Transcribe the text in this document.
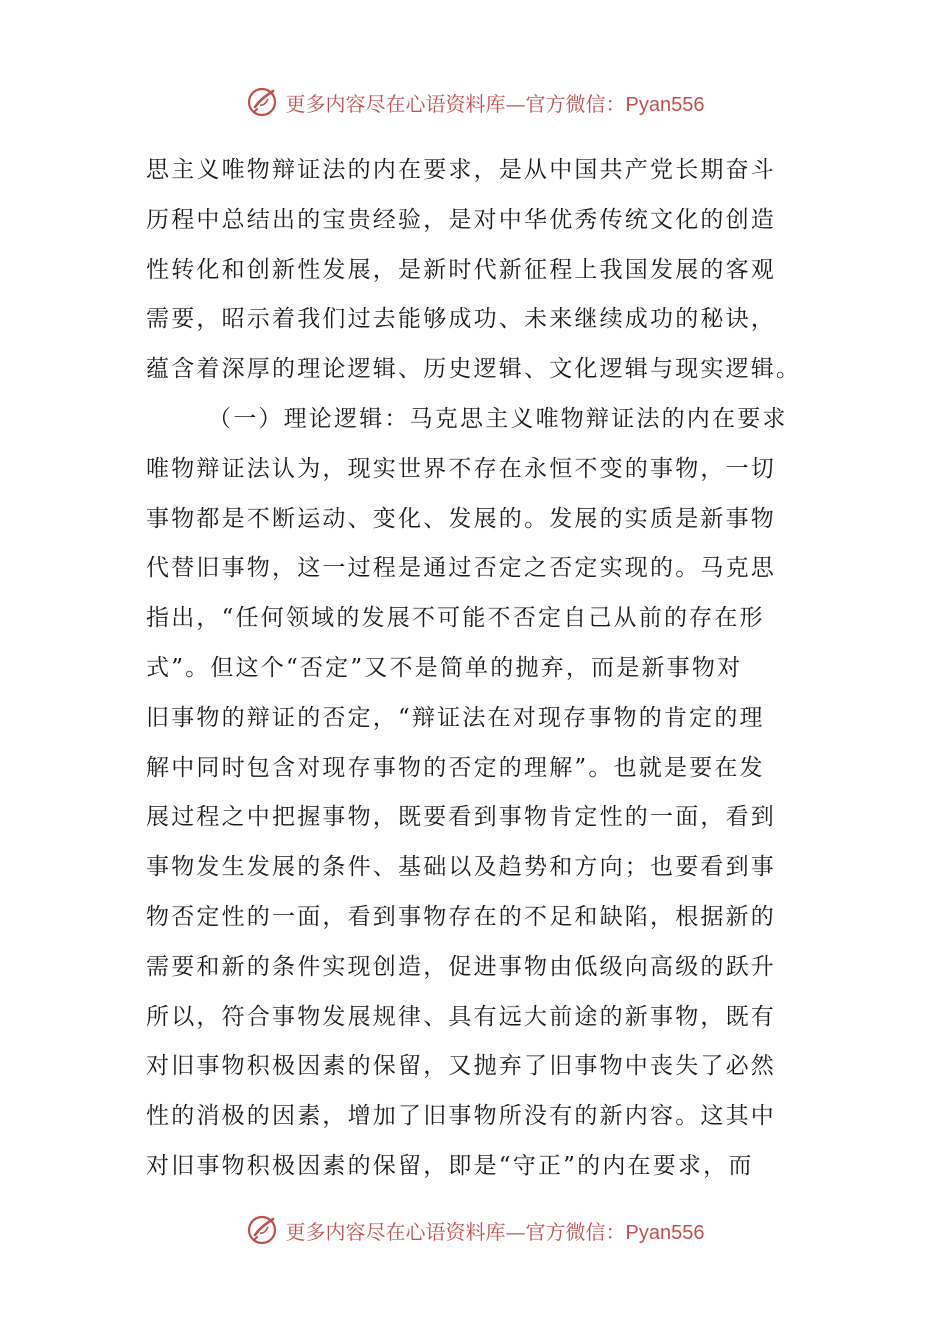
更多内容尽在心语资料库—官方微信：Pyan556
思主义唯物辩证法的内在要求，是从中国共产党长期奋斗
历程中总结出的宝贵经验，是对中华优秀传统文化的创造
性转化和创新性发展，是新时代新征程上我国发展的客观
需要，昭示着我们过去能够成功、未来继续成功的秘诀，
蕴含着深厚的理论逻辑、历史逻辑、文化逻辑与现实逻辑。
（一）理论逻辑：马克思主义唯物辩证法的内在要求
唯物辩证法认为，现实世界不存在永恒不变的事物，一切
事物都是不断运动、变化、发展的。发展的实质是新事物
代替旧事物，这一过程是通过否定之否定实现的。马克思
指出，“任何领域的发展不可能不否定自己从前的存在形
式”。但这个“否定”又不是简单的抛弃，而是新事物对
旧事物的辩证的否定，“辩证法在对现存事物的肯定的理
解中同时包含对现存事物的否定的理解”。也就是要在发
展过程之中把握事物，既要看到事物肯定性的一面，看到
事物发生发展的条件、基础以及趋势和方向；也要看到事
物否定性的一面，看到事物存在的不足和缺陷，根据新的
需要和新的条件实现创造，促进事物由低级向高级的跃升
所以，符合事物发展规律、具有远大前途的新事物，既有
对旧事物积极因素的保留，又抛弃了旧事物中丧失了必然
性的消极的因素，增加了旧事物所没有的新内容。这其中
对旧事物积极因素的保留，即是“守正”的内在要求，而
更多内容尽在心语资料库—官方微信：Pyan556
